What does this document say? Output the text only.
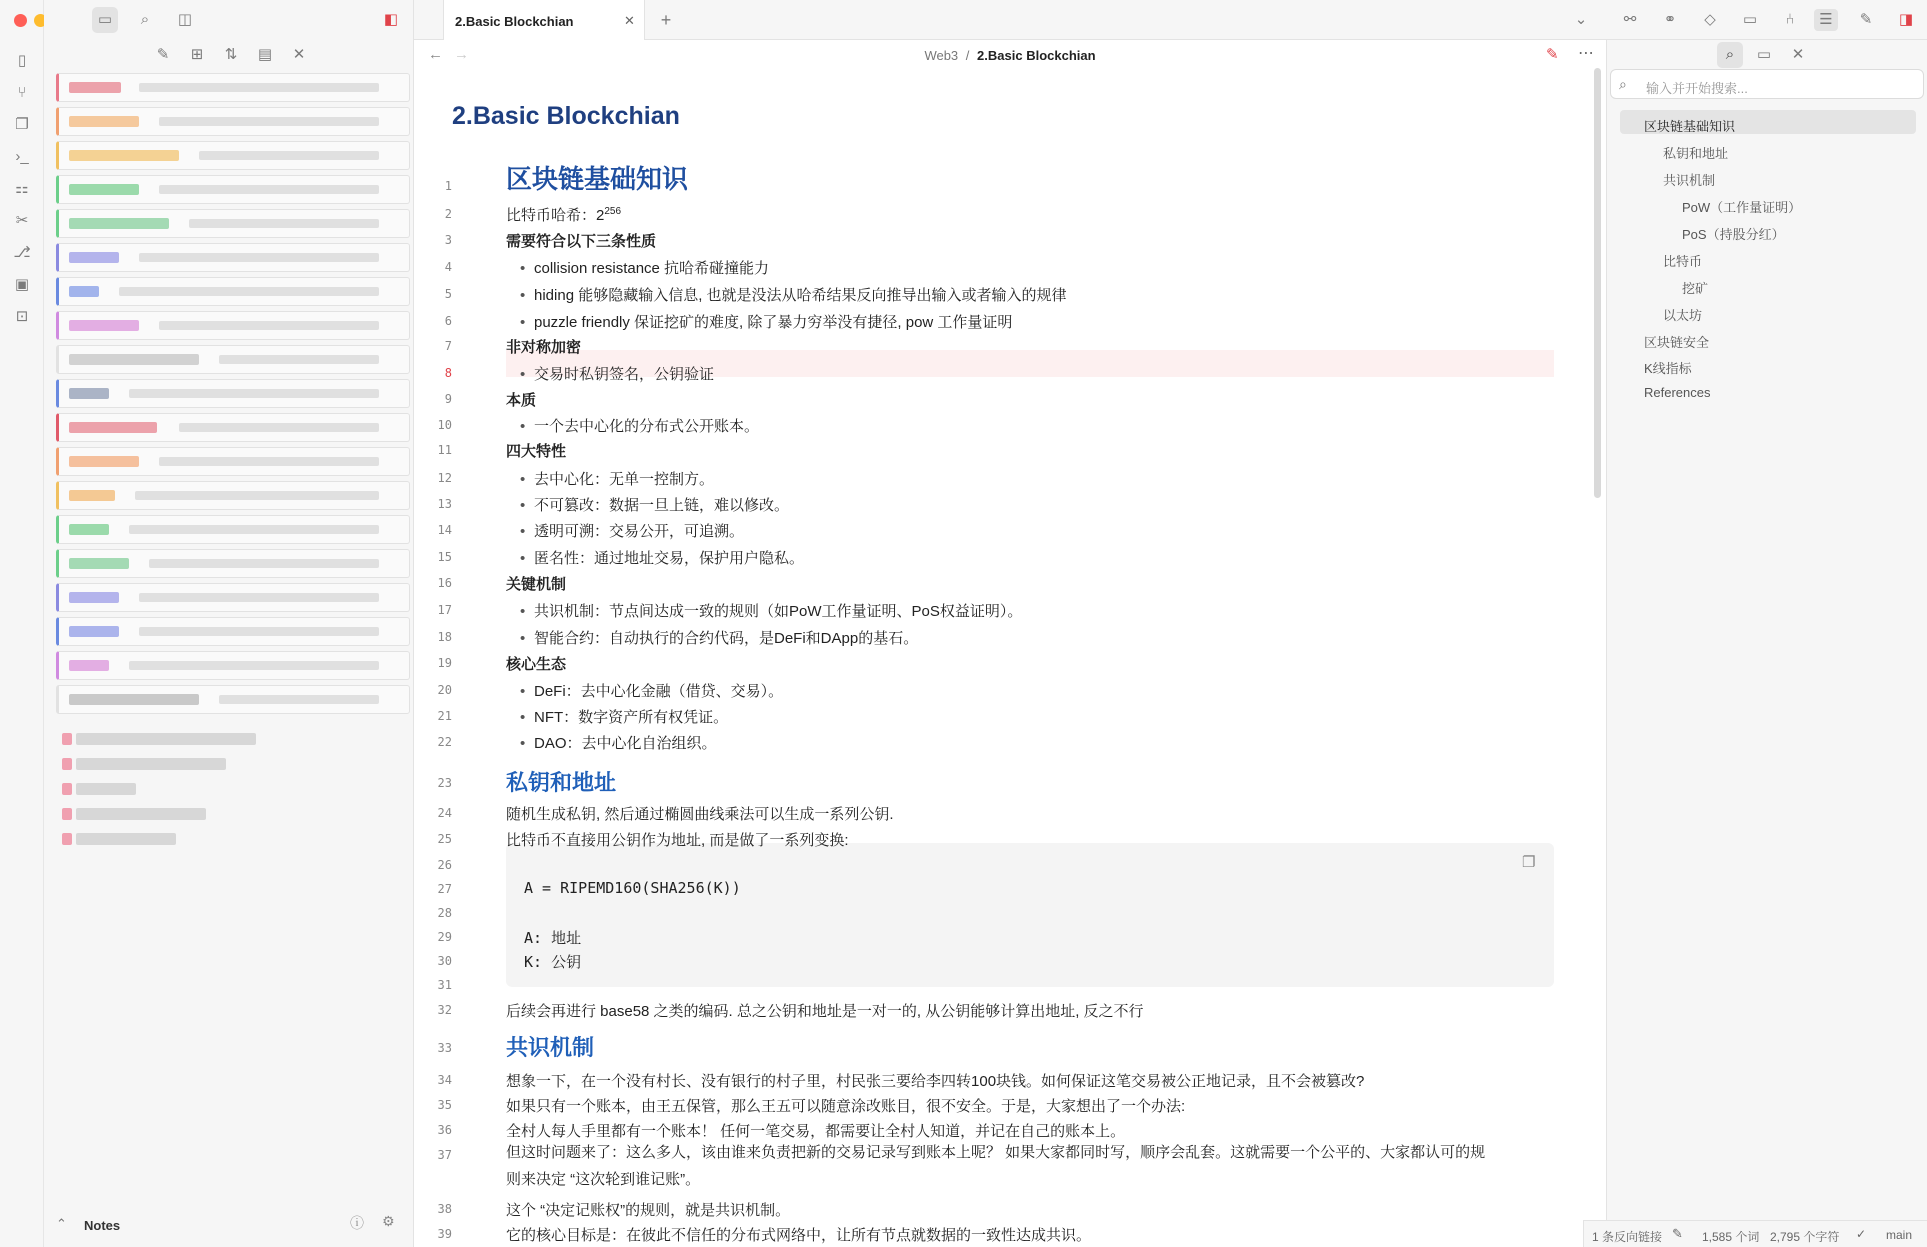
▯
⑂
❐
›_
⚏
✂
⎇
▣
⊡
▭	⌕	◫	◧
✎	⊞	⇅	▤	✕
⌃ Notes	ⓘ ⚙
2.Basic Blockchian	✕	+	⌄	⚯	⚭	◇	▭	⑃	☰	✎	◨
← →	Web3 / 2.Basic Blockchian	✎ ⋯
2.Basic Blockchian
❐
1 区块链基础知识
2	比特币哈希：$2^{256}$
3	需要符合以下三条性质
4	• collision resistance 抗哈希碰撞能力
5	• hiding 能够隐藏输入信息, 也就是没法从哈希结果反向推导出输入或者输入的规律
6	• puzzle friendly 保证挖矿的难度, 除了暴力穷举没有捷径, pow 工作量证明
7	非对称加密
8	• 交易时私钥签名，公钥验证
9	本质
10	• 一个去中心化的分布式公开账本。
11	四大特性
12	• 去中心化：无单一控制方。
13	• 不可篡改：数据一旦上链，难以修改。
14	• 透明可溯：交易公开，可追溯。
15	• 匿名性：通过地址交易，保护用户隐私。
16	关键机制
17	• 共识机制：节点间达成一致的规则（如PoW工作量证明、PoS权益证明）。
18	• 智能合约：自动执行的合约代码，是DeFi和DApp的基石。
19	核心生态
20	• DeFi：去中心化金融（借贷、交易）。
21	• NFT：数字资产所有权凭证。
22	• DAO：去中心化自治组织。
23 私钥和地址
24	随机生成私钥, 然后通过椭圆曲线乘法可以生成一系列公钥.
25	比特币不直接用公钥作为地址, 而是做了一系列变换:
26
27	A = RIPEMD160(SHA256(K))
28
29	A: 地址
30	K: 公钥
31
32	后续会再进行 base58 之类的编码. 总之公钥和地址是一对一的, 从公钥能够计算出地址, 反之不行
33 共识机制
34	想象一下，在一个没有村长、没有银行的村子里，村民张三要给李四转100块钱。如何保证这笔交易被公正地记录，且不会被篡改?
35	如果只有一个账本，由王五保管，那么王五可以随意涂改账目，很不安全。于是，大家想出了一个办法:
36	全村人每人手里都有一个账本！ 任何一笔交易，都需要让全村人知道，并记在自己的账本上。
37	但这时问题来了：这么多人，该由谁来负责把新的交易记录写到账本上呢？ 如果大家都同时写，顺序会乱套。这就需要一个公平的、大家都认可的规
则来决定 “这次轮到谁记账”。
38	这个 “决定记账权”的规则，就是共识机制。
39	它的核心目标是：在彼此不信任的分布式网络中，让所有节点就数据的一致性达成共识。
⌕	▭	✕
⌕ 输入并开始搜索...
区块链基础知识
私钥和地址
共识机制
PoW（工作量证明）
PoS（持股分红）
比特币
挖矿
以太坊
区块链安全
K线指标
References
1 条反向链接 ✎ 1,585 个词 2,795 个字符 ✓ main
